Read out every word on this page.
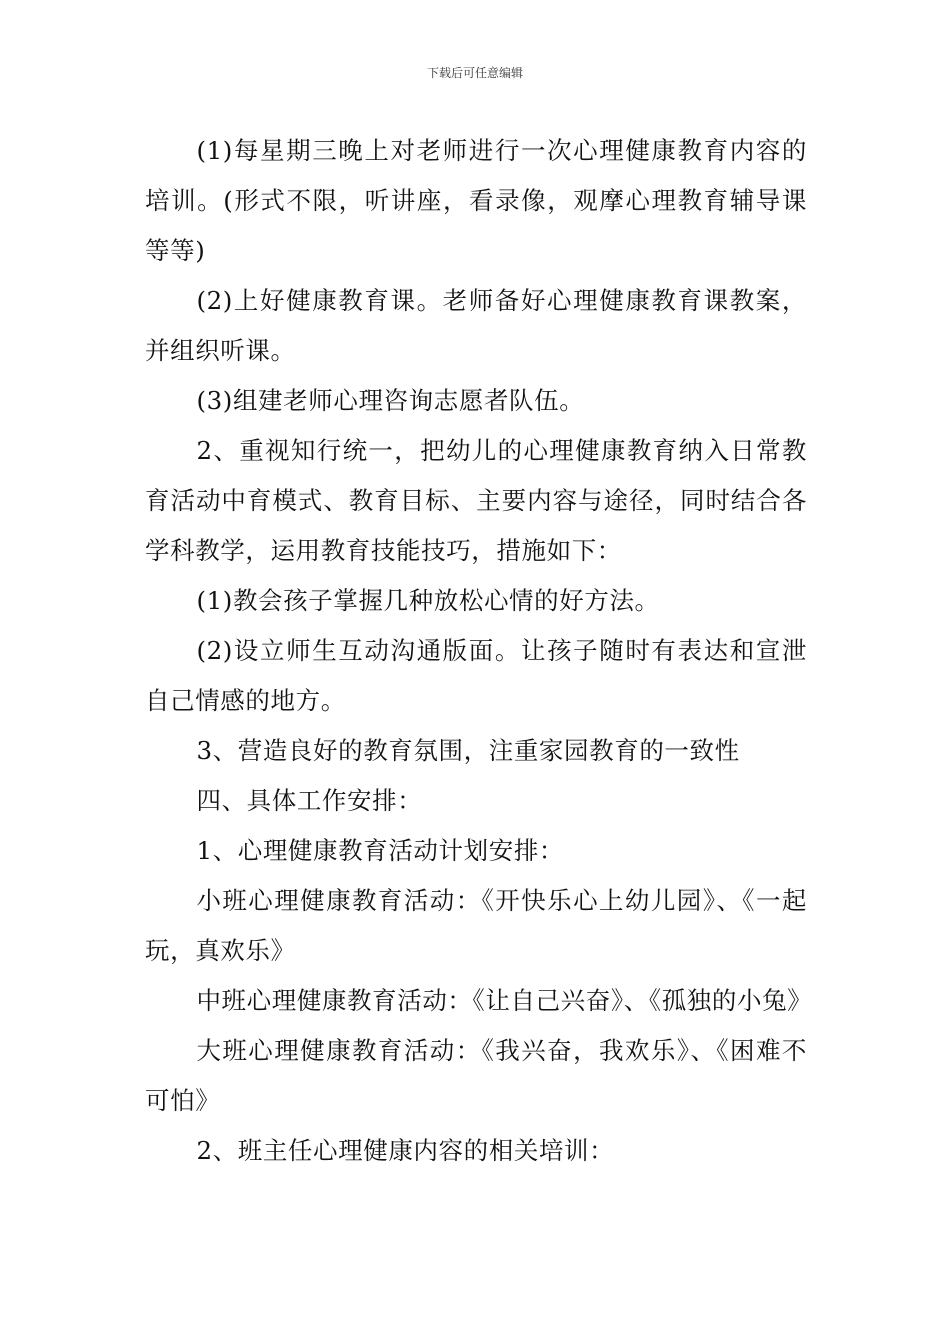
下载后可任意编辑

(1)每星期三晚上对老师进行一次心理健康教育内容的培训。(形式不限，听讲座，看录像，观摩心理教育辅导课等等)

(2)上好健康教育课。老师备好心理健康教育课教案，并组织听课。

(3)组建老师心理咨询志愿者队伍。

2、重视知行统一，把幼儿的心理健康教育纳入日常教育活动中育模式、教育目标、主要内容与途径，同时结合各学科教学，运用教育技能技巧，措施如下：

(1)教会孩子掌握几种放松心情的好方法。

(2)设立师生互动沟通版面。让孩子随时有表达和宣泄自己情感的地方。

3、营造良好的教育氛围，注重家园教育的一致性

四、具体工作安排：

1、心理健康教育活动计划安排：

小班心理健康教育活动：《开快乐心上幼儿园》、《一起玩，真欢乐》

中班心理健康教育活动：《让自己兴奋》、《孤独的小兔》

大班心理健康教育活动：《我兴奋，我欢乐》、《困难不可怕》

2、班主任心理健康内容的相关培训：
